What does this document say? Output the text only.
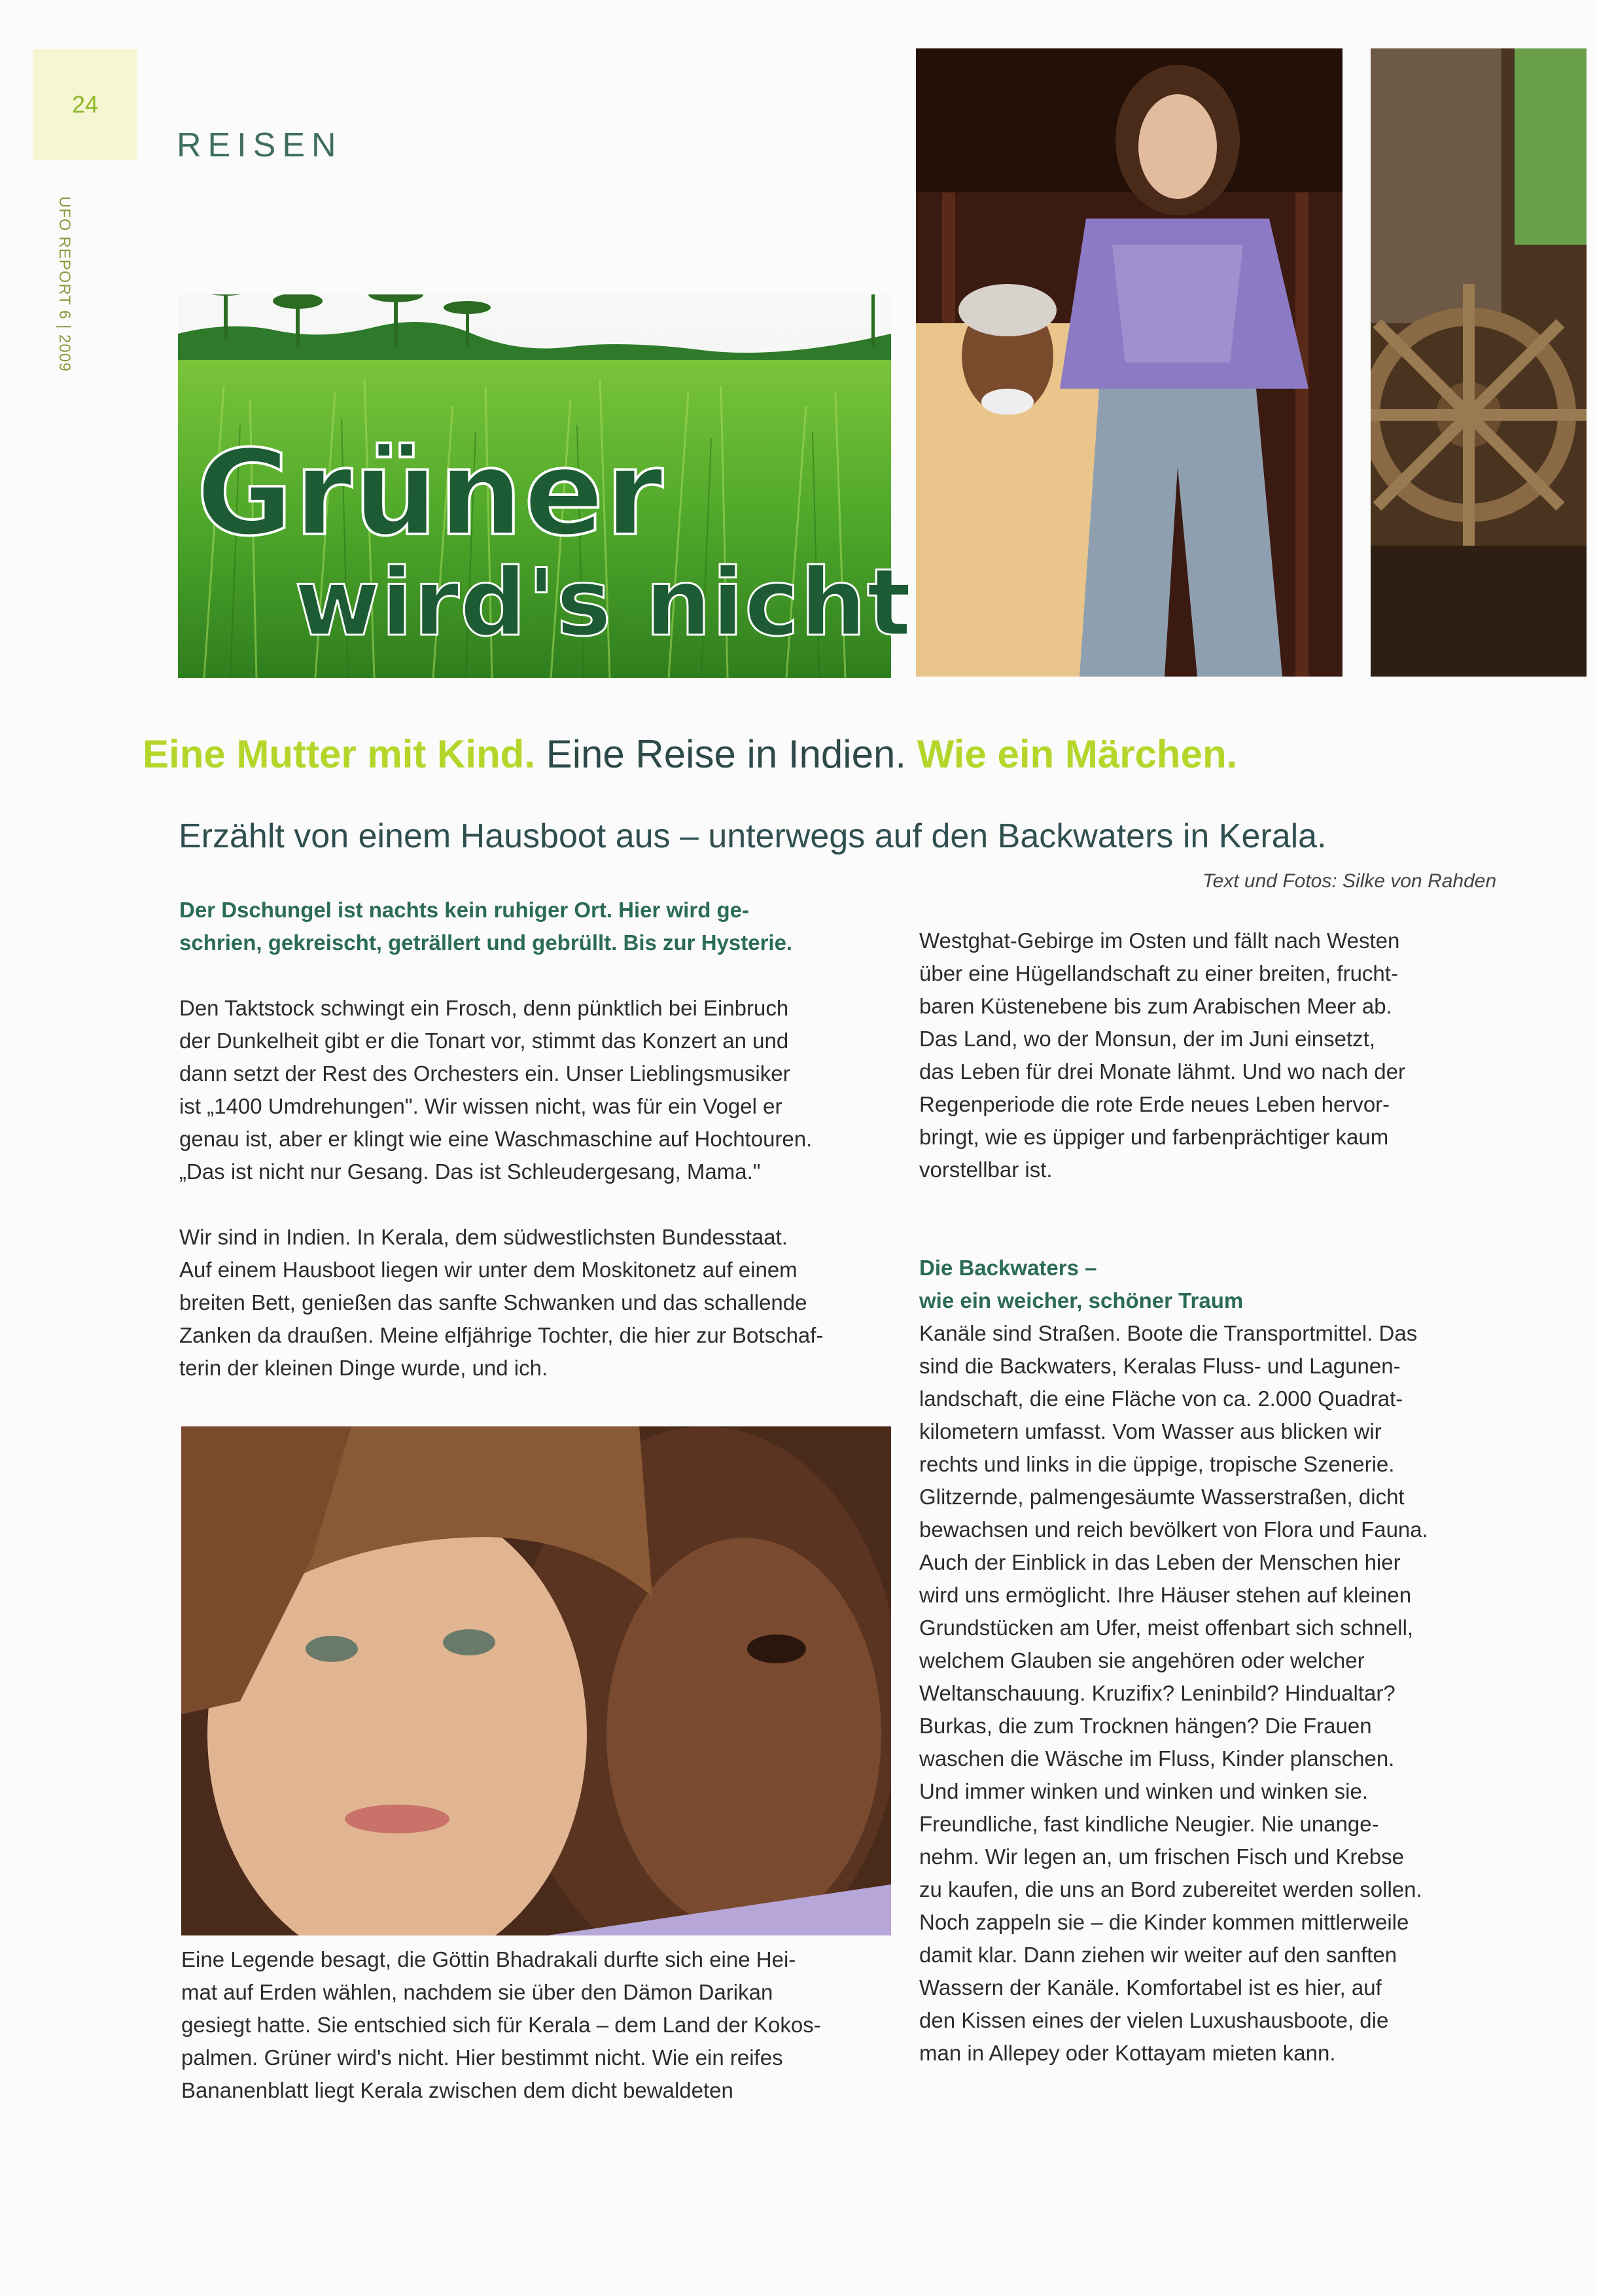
24
UFO REPORT 6 | 2009
REISEN
Grüner
wird's nicht
Eine Mutter mit Kind. Eine Reise in Indien. Wie ein Märchen.
Erzählt von einem Hausboot aus – unterwegs auf den Backwaters in Kerala.
Text und Fotos: Silke von Rahden

Der Dschungel ist nachts kein ruhiger Ort. Hier wird ge-

schrien, gekreischt, geträllert und gebrüllt. Bis zur Hysterie.

Den Taktstock schwingt ein Frosch, denn pünktlich bei Einbruch

der Dunkelheit gibt er die Tonart vor, stimmt das Konzert an und

dann setzt der Rest des Orchesters ein. Unser Lieblingsmusiker

ist „1400 Umdrehungen". Wir wissen nicht, was für ein Vogel er

genau ist, aber er klingt wie eine Waschmaschine auf Hochtouren.

„Das ist nicht nur Gesang. Das ist Schleudergesang, Mama."

Wir sind in Indien. In Kerala, dem südwestlichsten Bundesstaat.

Auf einem Hausboot liegen wir unter dem Moskitonetz auf einem

breiten Bett, genießen das sanfte Schwanken und das schallende

Zanken da draußen. Meine elfjährige Tochter, die hier zur Botschaf-

terin der kleinen Dinge wurde, und ich.

Eine Legende besagt, die Göttin Bhadrakali durfte sich eine Hei-

mat auf Erden wählen, nachdem sie über den Dämon Darikan

gesiegt hatte. Sie entschied sich für Kerala – dem Land der Kokos-

palmen. Grüner wird's nicht. Hier bestimmt nicht. Wie ein reifes

Bananenblatt liegt Kerala zwischen dem dicht bewaldeten

Westghat-Gebirge im Osten und fällt nach Westen

über eine Hügellandschaft zu einer breiten, frucht-

baren Küstenebene bis zum Arabischen Meer ab.

Das Land, wo der Monsun, der im Juni einsetzt,

das Leben für drei Monate lähmt. Und wo nach der

Regenperiode die rote Erde neues Leben hervor-

bringt, wie es üppiger und farbenprächtiger kaum

vorstellbar ist.

Die Backwaters –

wie ein weicher, schöner Traum

Kanäle sind Straßen. Boote die Transportmittel. Das

sind die Backwaters, Keralas Fluss- und Lagunen-

landschaft, die eine Fläche von ca. 2.000 Quadrat-

kilometern umfasst. Vom Wasser aus blicken wir

rechts und links in die üppige, tropische Szenerie.

Glitzernde, palmengesäumte Wasserstraßen, dicht

bewachsen und reich bevölkert von Flora und Fauna.

Auch der Einblick in das Leben der Menschen hier

wird uns ermöglicht. Ihre Häuser stehen auf kleinen

Grundstücken am Ufer, meist offenbart sich schnell,

welchem Glauben sie angehören oder welcher

Weltanschauung. Kruzifix? Leninbild? Hindualtar?

Burkas, die zum Trocknen hängen? Die Frauen

waschen die Wäsche im Fluss, Kinder planschen.

Und immer winken und winken und winken sie.

Freundliche, fast kindliche Neugier. Nie unange-

nehm. Wir legen an, um frischen Fisch und Krebse

zu kaufen, die uns an Bord zubereitet werden sollen.

Noch zappeln sie – die Kinder kommen mittlerweile

damit klar. Dann ziehen wir weiter auf den sanften

Wassern der Kanäle. Komfortabel ist es hier, auf

den Kissen eines der vielen Luxushausboote, die

man in Allepey oder Kottayam mieten kann.
